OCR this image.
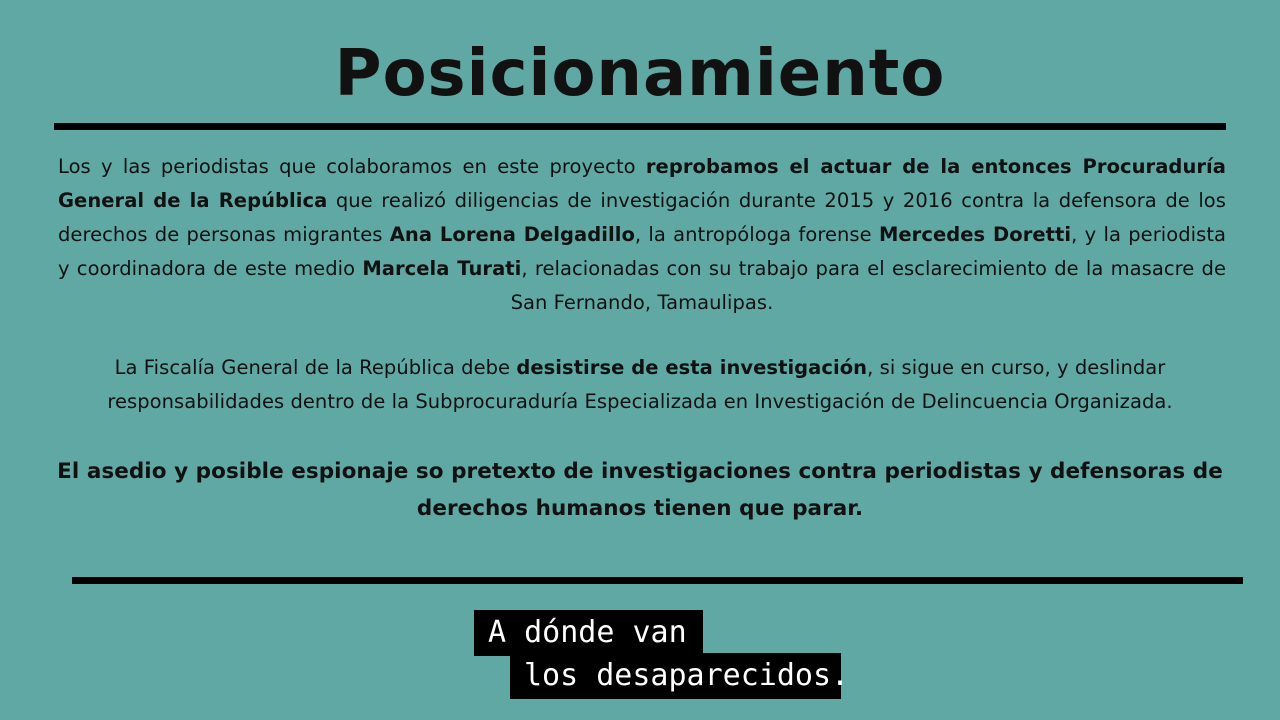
Posicionamiento
Los y las periodistas que colaboramos en este proyecto reprobamos el actuar de la entonces Procuraduría General de la República que realizó diligencias de investigación durante 2015 y 2016 contra la defensora de los derechos de personas migrantes Ana Lorena Delgadillo, la antropóloga forense Mercedes Doretti, y la periodista y coordinadora de este medio Marcela Turati, relacionadas con su trabajo para el esclarecimiento de la masacre de San Fernando, Tamaulipas.
La Fiscalía General de la República debe desistirse de esta investigación, si sigue en curso, y deslindar responsabilidades dentro de la Subprocuraduría Especializada en Investigación de Delincuencia Organizada.
El asedio y posible espionaje so pretexto de investigaciones contra periodistas y defensoras de derechos humanos tienen que parar.
A dónde van
los desaparecidos.
